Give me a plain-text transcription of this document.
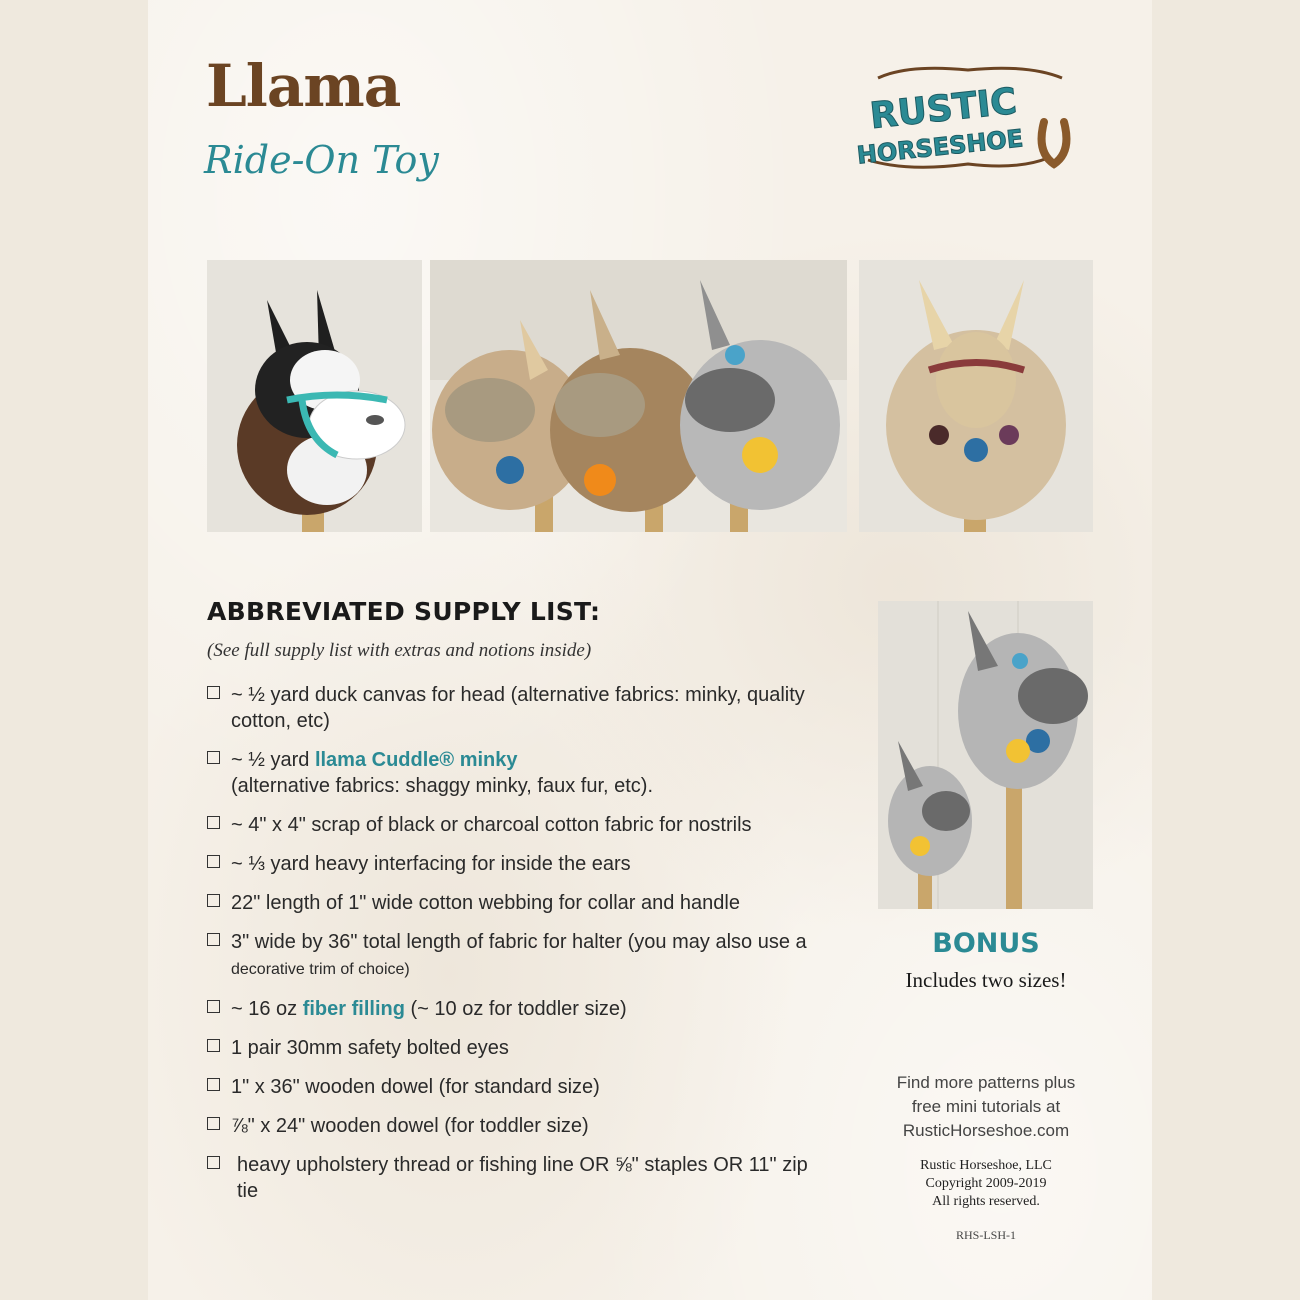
Llama
Ride-On Toy
RUSTIC
HORSESHOE
ABBREVIATED SUPPLY LIST:
(See full supply list with extras and notions inside)
~ ½ yard duck canvas for head (alternative fabrics: minky, quality cotton, etc)
~ ½ yard llama Cuddle® minky
(alternative fabrics: shaggy minky, faux fur, etc).
~ 4" x 4" scrap of black or charcoal cotton fabric for nostrils
~ ⅓ yard heavy interfacing for inside the ears
22" length of 1" wide cotton webbing for collar and handle
3" wide by 36" total length of fabric for halter (you may also use a decorative trim of choice)
~ 16 oz fiber filling (~ 10 oz for toddler size)
1 pair 30mm safety bolted eyes
1" x 36" wooden dowel (for standard size)
⅞" x 24" wooden dowel (for toddler size)
heavy upholstery thread or fishing line OR ⅝" staples OR 11" zip tie
BONUS
Includes two sizes!
Find more patterns plus
free mini tutorials at
RusticHorseshoe.com
Rustic Horseshoe, LLC
Copyright 2009-2019
All rights reserved.
RHS-LSH-1
